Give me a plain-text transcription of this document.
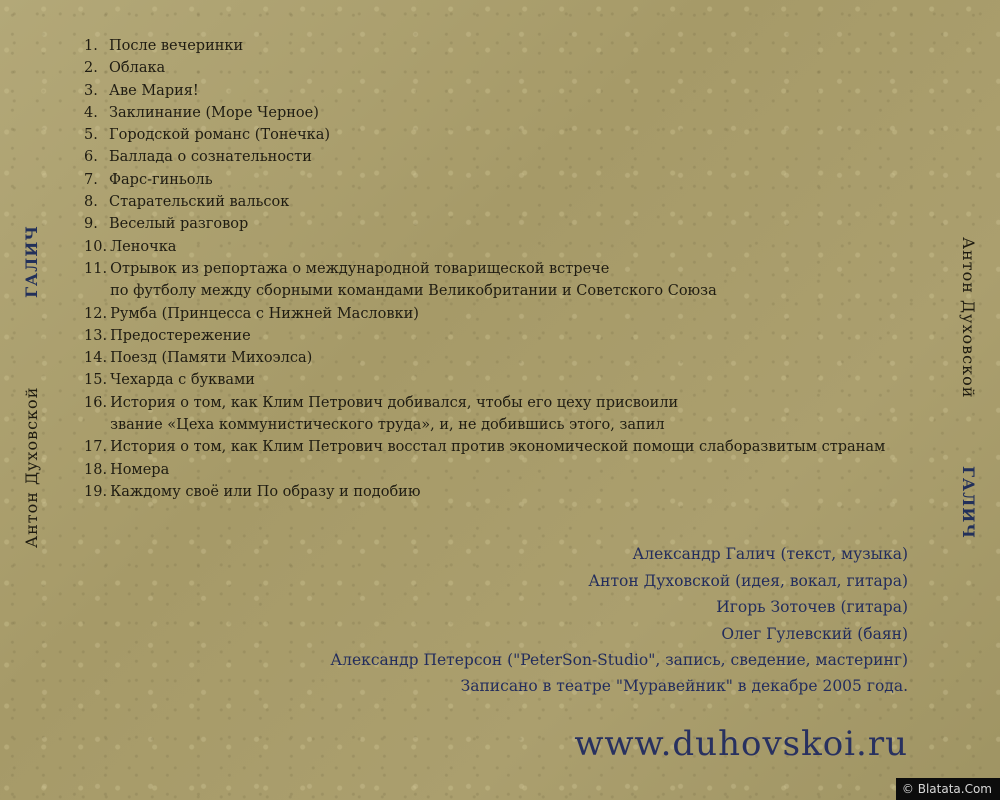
Антон Духовской
ГАЛИЧ	Антон Духовской
ГАЛИЧ
1. После вечеринки
2. Облака
3. Аве Мария!
4. Заклинание (Море Черное)
5. Городской романс (Тонечка)
6. Баллада о сознательности
7. Фарс-гиньоль
8. Старательский вальсок
9. Веселый разговор
10. Леночка
11. Отрывок из репортажа о международной товарищеской встрече
по футболу между сборными командами Великобритании и Советского Союза
12. Румба (Принцесса с Нижней Масловки)
13. Предостережение
14. Поезд (Памяти Михоэлса)
15. Чехарда с буквами
16. История о том, как Клим Петрович добивался, чтобы его цеху присвоили
звание «Цеха коммунистического труда», и, не добившись этого, запил
17. История о том, как Клим Петрович восстал против экономической помощи слаборазвитым странам
18. Номера
19. Каждому своё или По образу и подобию
Александр Галич (текст, музыка)
Антон Духовской (идея, вокал, гитара)
Игорь Зоточев (гитара)
Олег Гулевский (баян)
Александр Петерсон ("PeterSon-Studio", запись, сведение, мастеринг)
Записано в театре "Муравейник" в декабре 2005 года.
www.duhovskoi.ru
© Blatata.Com
